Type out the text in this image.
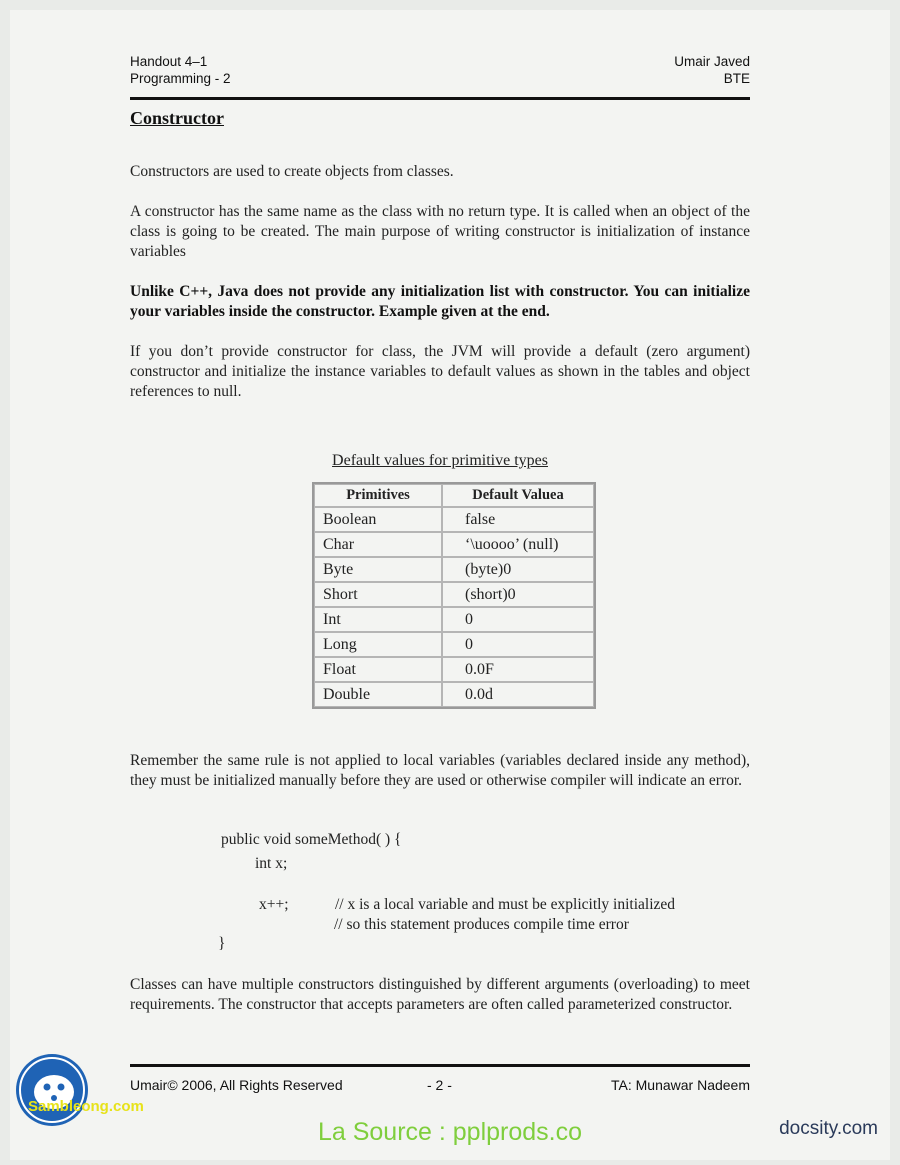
Handout 4–1
Programming - 2
Umair Javed
BTE
Constructor
Constructors are used to create objects from classes.
A constructor has the same name as the class with no return type. It is called when an object of the class is going to be created. The main purpose of writing constructor is initialization of instance variables
Unlike C++, Java does not provide any initialization list with constructor. You can initialize your variables inside the constructor. Example given at the end.
If you don’t provide constructor for class, the JVM will provide a default (zero argument) constructor and initialize the instance variables to default values as shown in the tables and object references to null.
Default values for primitive types
Primitives	Default Valuea
Boolean	false
Char	‘\uoooo’ (null)
Byte	(byte)0
Short	(short)0
Int	0
Long	0
Float	0.0F
Double	0.0d
Remember the same rule is not applied to local variables (variables declared inside any method), they must be initialized manually before they are used or otherwise compiler will indicate an error.
public void someMethod( ) {
int x;
x++;	// x is a local variable and must be explicitly initialized
// so this statement produces compile time error
}
Classes can have multiple constructors distinguished by different arguments (overloading) to meet requirements. The constructor that accepts parameters are often called parameterized constructor.
Umair© 2006, All Rights Reserved	- 2 -	TA: Munawar Nadeem
Sambleong.com
La Source : pplprods.co	docsity.com
